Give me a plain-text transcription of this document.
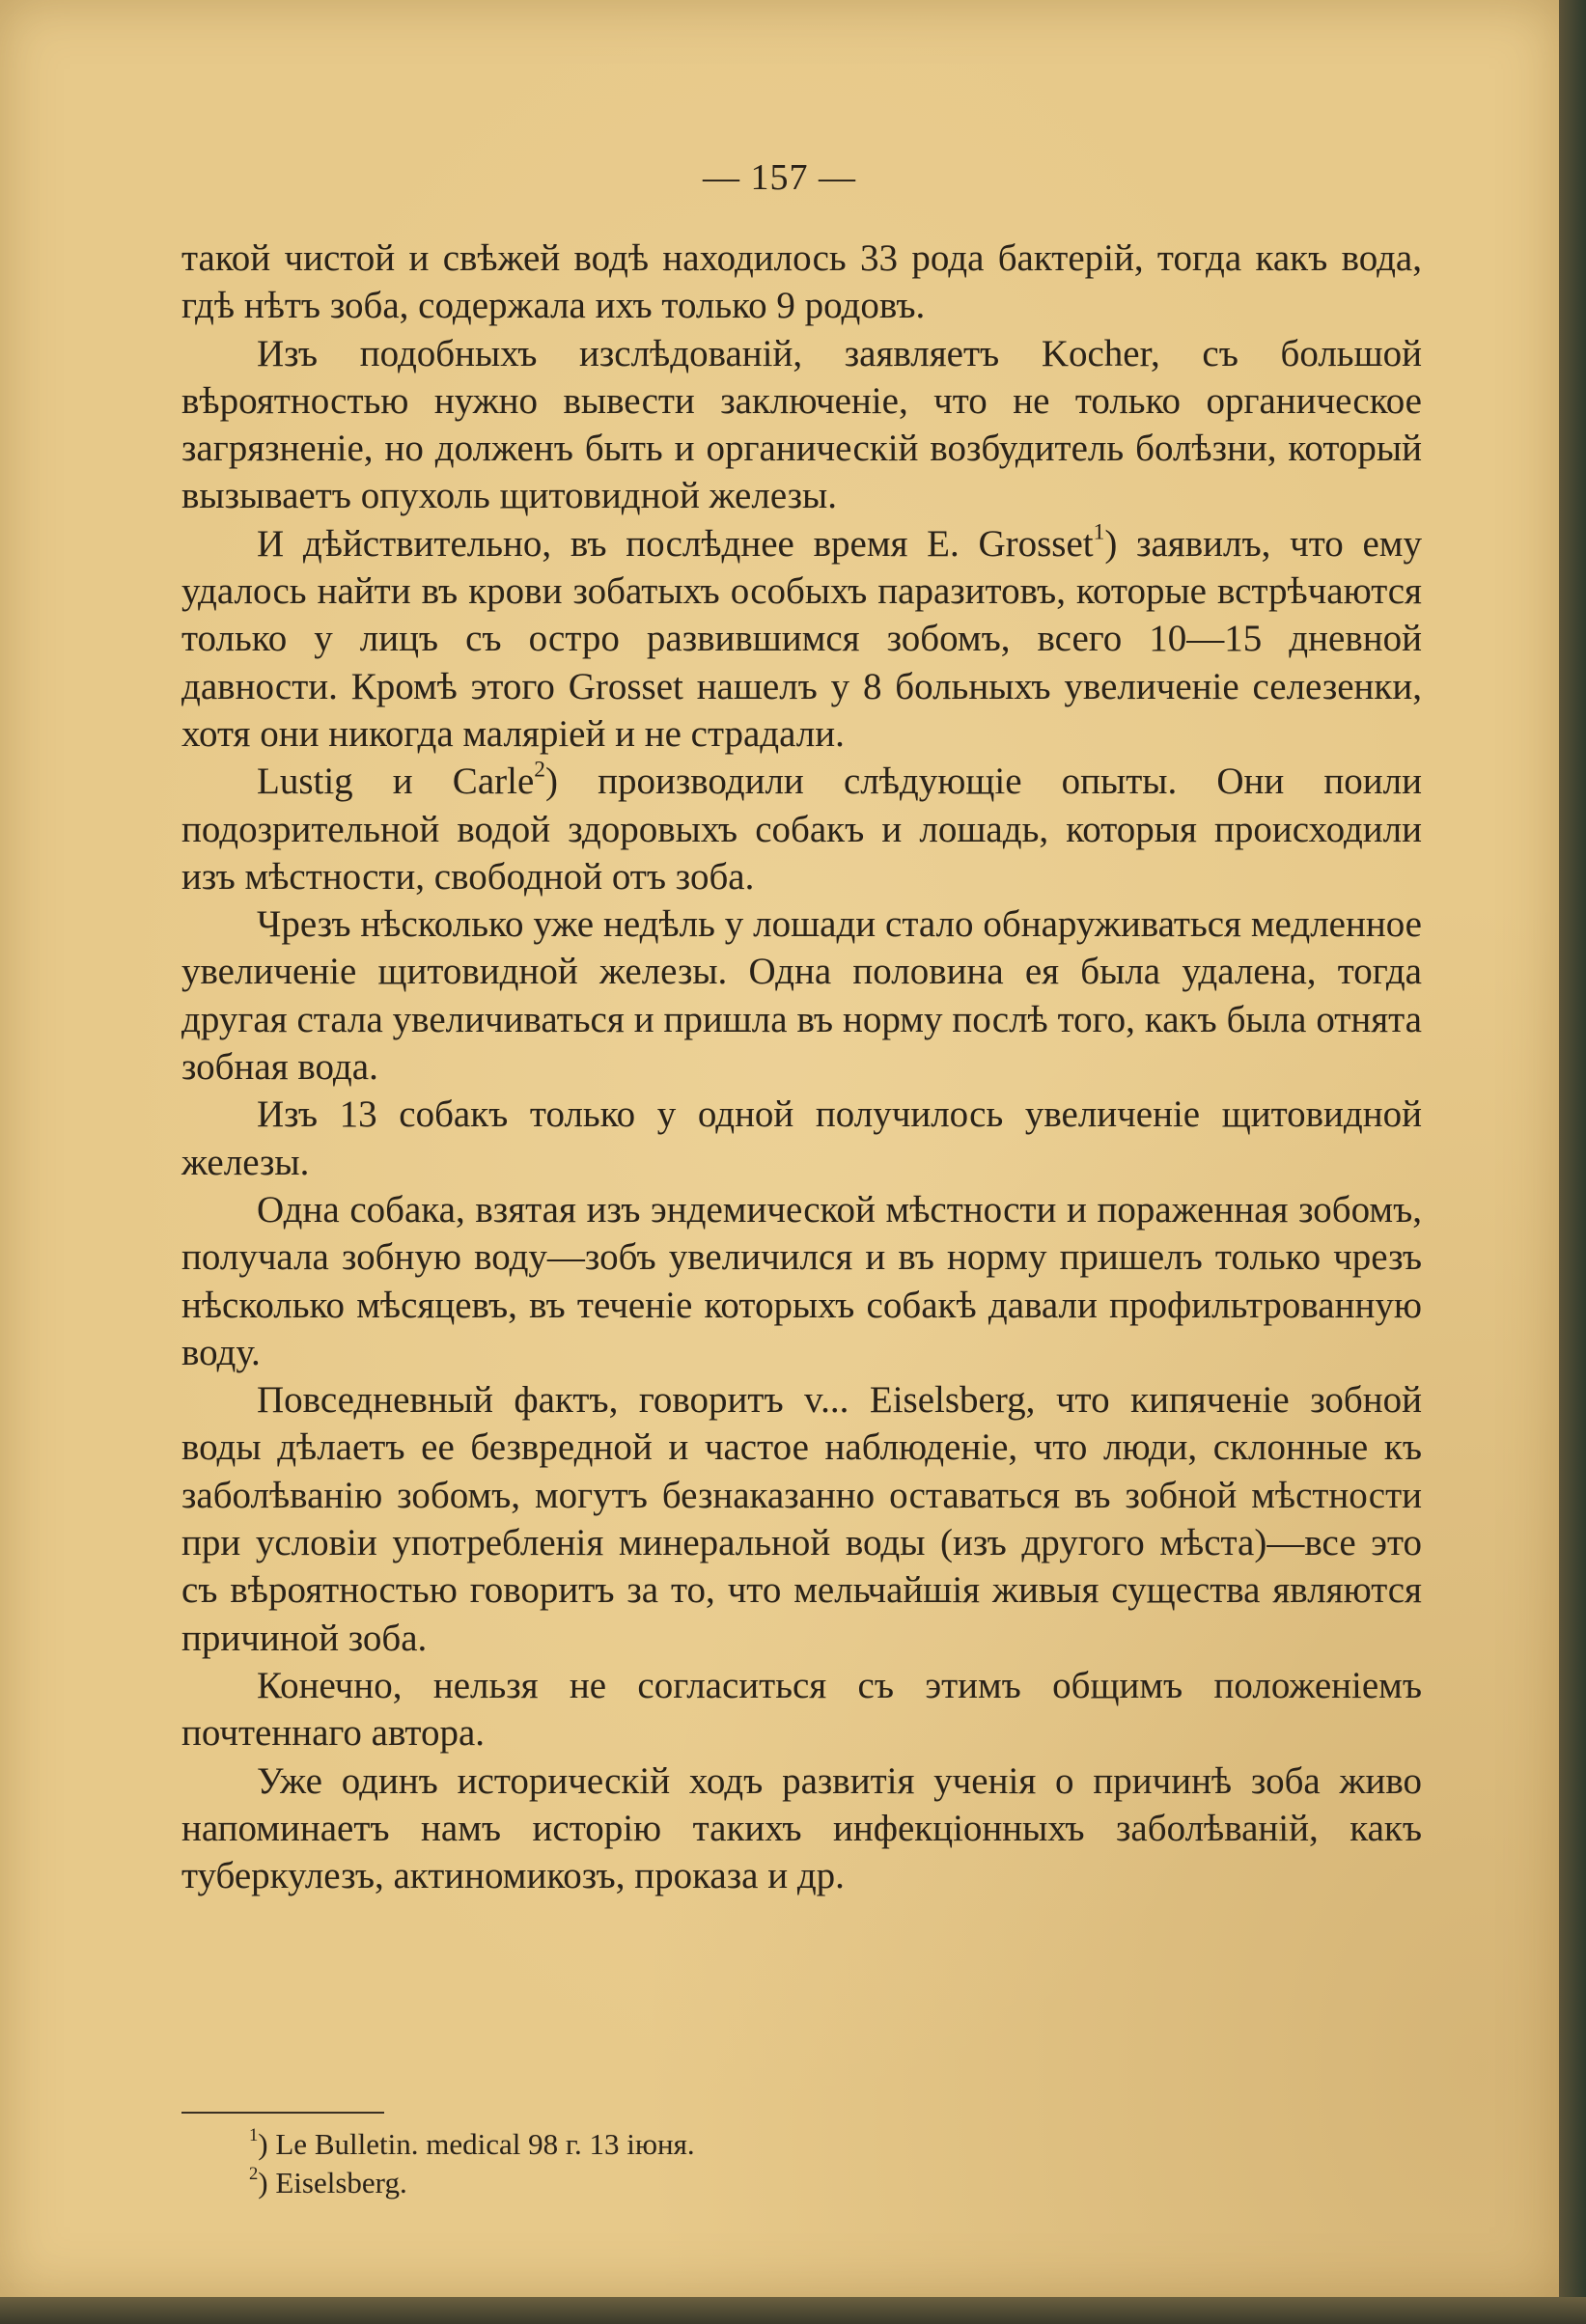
— 157 —

такой чистой и свѣжей водѣ находилось 33 рода бактерій, тогда какъ вода, гдѣ нѣтъ зоба, содержала ихъ только 9 родовъ.

Изъ подобныхъ изслѣдованій, заявляетъ Kocher, съ большой вѣроятностью нужно вывести заключеніе, что не только органическое загрязненіе, но долженъ быть и органическій возбудитель болѣзни, который вызываетъ опухоль щитовидной железы.

И дѣйствительно, въ послѣднее время E. Grosset$^1$) заявилъ, что ему удалось найти въ крови зобатыхъ особыхъ паразитовъ, которые встрѣчаются только у лицъ съ остро развившимся зобомъ, всего 10—15 дневной давности. Кромѣ этого Grosset нашелъ у 8 больныхъ увеличеніе селезенки, хотя они никогда маляріей и не страдали.

Lustig и Carle$^2$) производили слѣдующіе опыты. Они поили подозрительной водой здоровыхъ собакъ и лошадь, которыя происходили изъ мѣстности, свободной отъ зоба.

Чрезъ нѣсколько уже недѣль у лошади стало обнаруживаться медленное увеличеніе щитовидной железы. Одна половина ея была удалена, тогда другая стала увеличиваться и пришла въ норму послѣ того, какъ была отнята зобная вода.

Изъ 13 собакъ только у одной получилось увеличеніе щитовидной железы.

Одна собака, взятая изъ эндемической мѣстности и пораженная зобомъ, получала зобную воду—зобъ увеличился и въ норму пришелъ только чрезъ нѣсколько мѣсяцевъ, въ теченіе которыхъ собакѣ давали профильтрованную воду.

Повседневный фактъ, говоритъ v... Eiselsberg, что кипяченіе зобной воды дѣлаетъ ее безвредной и частое наблюденіе, что люди, склонные къ заболѣванію зобомъ, могутъ безнаказанно оставаться въ зобной мѣстности при условіи употребленія минеральной воды (изъ другого мѣста)—все это съ вѣроятностью говоритъ за то, что мельчайшія живыя существа являются причиной зоба.

Конечно, нельзя не согласиться съ этимъ общимъ положеніемъ почтеннаго автора.

Уже одинъ историческій ходъ развитія ученія о причинѣ зоба живо напоминаетъ намъ исторію такихъ инфекціонныхъ заболѣваній, какъ туберкулезъ, актиномикозъ, проказа и др.

$^1$) Le Bulletin. medical 98 г. 13 іюня.
$^2$) Eiselsberg.
